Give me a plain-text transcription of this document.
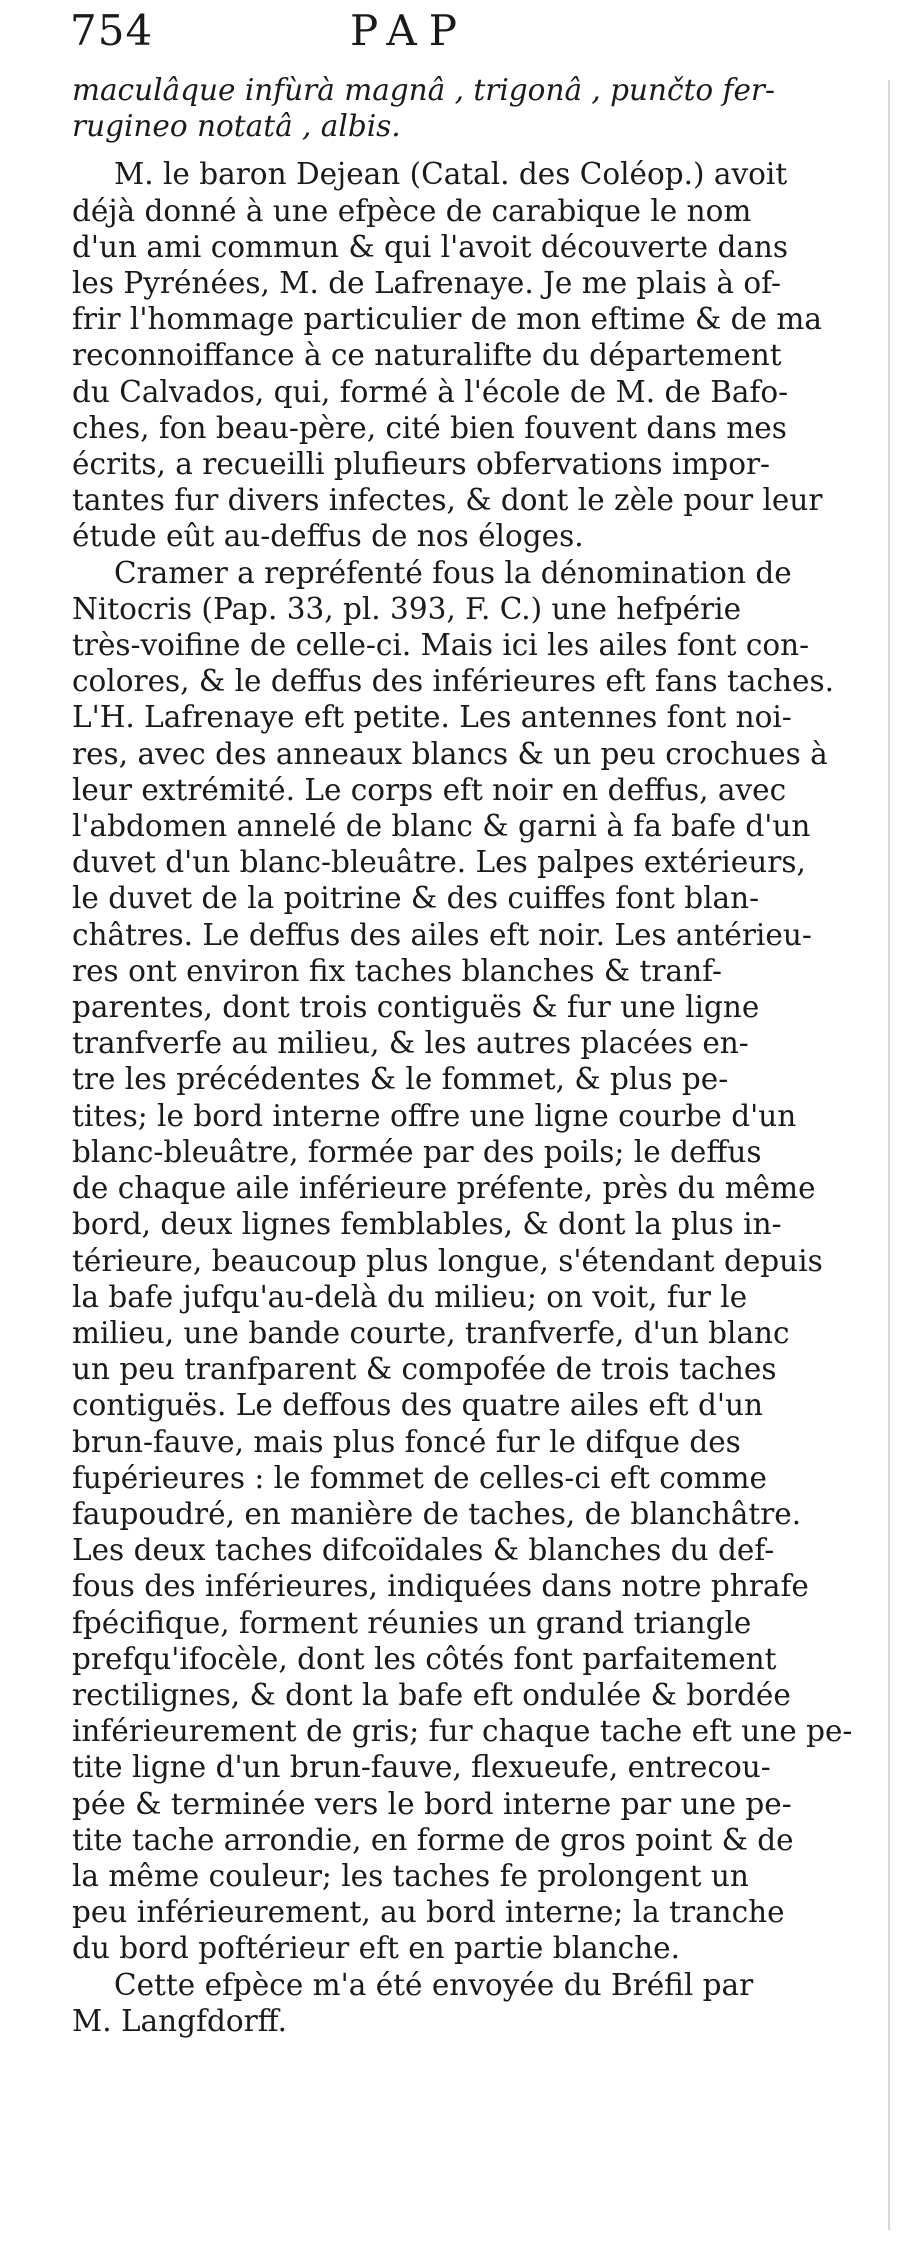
754	PAP

maculâque infùrà magnâ , trigonâ , punčto fer-
rugineo notatâ , albis.

M. le baron Dejean (Catal. des Coléop.) avoit
déjà donné à une efpèce de carabique le nom
d'un ami commun & qui l'avoit découverte dans
les Pyrénées, M. de Lafrenaye. Je me plais à of-
frir l'hommage particulier de mon eftime & de ma
reconnoiffance à ce naturalifte du département
du Calvados, qui, formé à l'école de M. de Bafo-
ches, fon beau-père, cité bien fouvent dans mes
écrits, a recueilli plufieurs obfervations impor-
tantes fur divers infectes, & dont le zèle pour leur
étude eût au-deffus de nos éloges.

Cramer a repréfenté fous la dénomination de
Nitocris (Pap. 33, pl. 393, F. C.) une hefpérie
très-voifine de celle-ci. Mais ici les ailes font con-
colores, & le deffus des inférieures eft fans taches.
L'H. Lafrenaye eft petite. Les antennes font noi-
res, avec des anneaux blancs & un peu crochues à
leur extrémité. Le corps eft noir en deffus, avec
l'abdomen annelé de blanc & garni à fa bafe d'un
duvet d'un blanc-bleuâtre. Les palpes extérieurs,
le duvet de la poitrine & des cuiffes font blan-
châtres. Le deffus des ailes eft noir. Les antérieu-
res ont environ fix taches blanches & tranf-
parentes, dont trois contiguës & fur une ligne
tranfverfe au milieu, & les autres placées en-
tre les précédentes & le fommet, & plus pe-
tites; le bord interne offre une ligne courbe d'un
blanc-bleuâtre, formée par des poils; le deffus
de chaque aile inférieure préfente, près du même
bord, deux lignes femblables, & dont la plus in-
térieure, beaucoup plus longue, s'étendant depuis
la bafe jufqu'au-delà du milieu; on voit, fur le
milieu, une bande courte, tranfverfe, d'un blanc
un peu tranfparent & compofée de trois taches
contiguës. Le deffous des quatre ailes eft d'un
brun-fauve, mais plus foncé fur le difque des
fupérieures : le fommet de celles-ci eft comme
faupoudré, en manière de taches, de blanchâtre.
Les deux taches difcoïdales & blanches du def-
fous des inférieures, indiquées dans notre phrafe
fpécifique, forment réunies un grand triangle
prefqu'ifocèle, dont les côtés font parfaitement
rectilignes, & dont la bafe eft ondulée & bordée
inférieurement de gris; fur chaque tache eft une pe-
tite ligne d'un brun-fauve, flexueufe, entrecou-
pée & terminée vers le bord interne par une pe-
tite tache arrondie, en forme de gros point & de
la même couleur; les taches fe prolongent un
peu inférieurement, au bord interne; la tranche
du bord poftérieur eft en partie blanche.

Cette efpèce m'a été envoyée du Bréfil par
M. Langfdorff.
